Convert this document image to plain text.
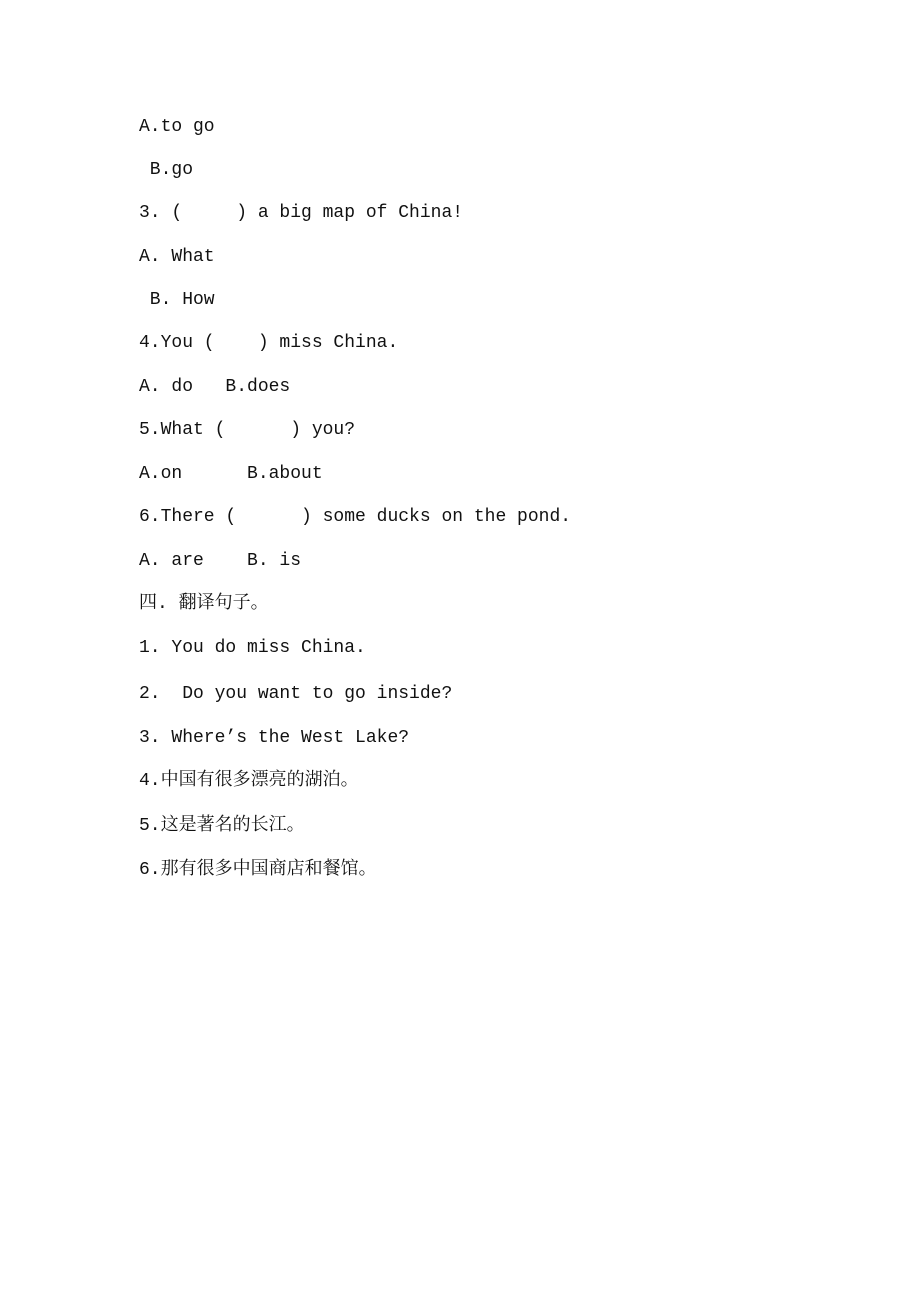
A.to go
B.go
3. (     ) a big map of China!
A. What
B. How
4.You (    ) miss China.
A. do   B.does
5.What (      ) you?
A.on      B.about
6.There (      ) some ducks on the pond.
A. are    B. is
四. 翻译句子。
1. You do miss China.
2.  Do you want to go inside?
3. Where’s the West Lake?
4.中国有很多漂亮的湖泊。
5.这是著名的长江。
6.那有很多中国商店和餐馆。
